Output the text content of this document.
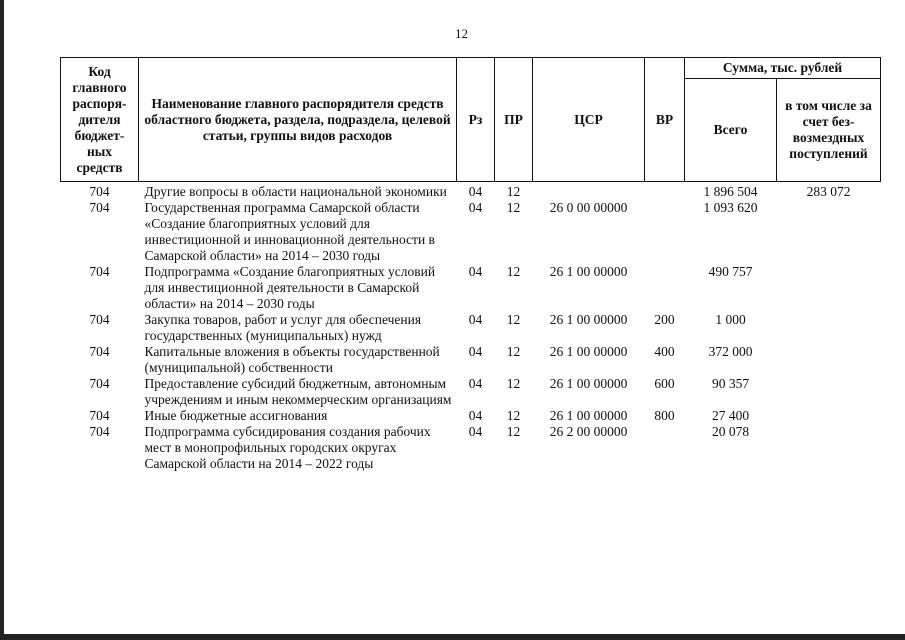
12
Код главного распоря-дителя бюджет-ных средств	Наименование главного распорядителя средств областного бюджета, раздела, подраздела, целевой статьи, группы видов расходов	Рз	ПР	ЦСР	ВР	Сумма, тыс. рублей	
						Всего	в том числе за счет без-возмездных поступлений
704	Другие вопросы в области национальной экономики	04	12			1 896 504	283 072
704	Государственная программа Самарской области «Создание благоприятных условий для инвестиционной и инновационной деятельности в Самарской области» на 2014 – 2030 годы	04	12	26 0 00 00000		1 093 620	
704	Подпрограмма «Создание благоприятных условий для инвестиционной деятельности в Самарской области» на 2014 – 2030 годы	04	12	26 1 00 00000		490 757	
704	Закупка товаров, работ и услуг для обеспечения государственных (муниципальных) нужд	04	12	26 1 00 00000	200	1 000	
704	Капитальные вложения в объекты государственной (муниципальной) собственности	04	12	26 1 00 00000	400	372 000	
704	Предоставление субсидий бюджетным, автономным учреждениям и иным некоммерческим организациям	04	12	26 1 00 00000	600	90 357	
704	Иные бюджетные ассигнования	04	12	26 1 00 00000	800	27 400	
704	Подпрограмма субсидирования создания рабочих мест в монопрофильных городских округах Самарской области на 2014 – 2022 годы	04	12	26 2 00 00000		20 078	
